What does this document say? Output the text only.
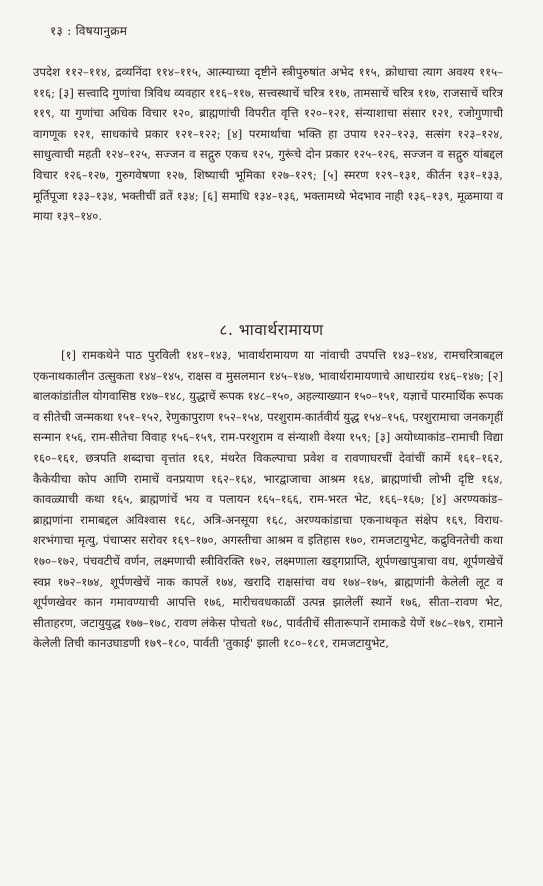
१३ : विषयानुक्रम

उपदेश ११२–११४, द्रव्यनिंदा ११४–११५, आत्म्याच्या दृष्टीने स्त्रीपुरुषांत अभेद ११५, क्रोधाचा त्याग अवश्य ११५–११६; [३] सत्त्वादि गुणांचा त्रिविध व्यवहार ११६–११७, सत्त्वस्थाचें चरित्र ११७, तामसाचें चरित्र ११७, राजसाचें चरित्र ११९, या गुणांचा अधिक विचार १२०, ब्राह्मणांची विपरीत वृत्ति १२०–१२१, संन्याशाचा संसार १२१, रजोगुणाची वागणूक १२१, साधकांचे प्रकार १२१–१२२; [४] परमार्थाचा भक्ति हा उपाय १२२–१२३, सत्संग १२३–१२४, साधुत्वाची महती १२४–१२५, सज्जन व सद्गुरु एकच १२५, गुरूंचे दोन प्रकार १२५–१२६, सज्जन व सद्गुरु यांबद्दल विचार १२६–१२७, गुरुगवेषणा १२७, शिष्याची भूमिका १२७–१२९; [५] स्मरण १२९–१३१, कीर्तन १३१–१३३, मूर्तिपूजा १३३–१३४, भक्तीचीं व्रतें १३४; [६] समाधि १३४–१३६, भक्तामध्ये भेदभाव नाही १३६–१३९, मूळमाया व माया १३९–१४०.

८. भावार्थरामायण

[१] रामकथेने पाठ पुरविली १४१–१४३, भावार्थरामायण या नांवाची उपपत्ति १४३–१४४, रामचरित्राबद्दल एकनाथकालीन उत्सुकता १४४–१४५, राक्षस व मुसलमान १४५–१४७, भावार्थरामायणाचे आधारग्रंथ १४६–१४७; [२] बालकांडांतील योगवासिष्ठ १४७–१४८, युद्धाचें रूपक १४८–१५०, अहल्याख्यान १५०–१५१, यज्ञाचें पारमार्थिक रूपक व सीतेची जन्मकथा १५१–१५२, रेणुकापुराण १५२–१५४, परशुराम-कार्तवीर्य युद्ध १५४–१५६, परशुरामाचा जनकगृहीं सन्मान १५६, राम-सीतेचा विवाह १५६–१५९, राम-परशुराम व संन्याशी वेश्या १५९; [३] अयोध्याकांड–रामाची विद्या १६०–१६१, छत्रपति शब्दाचा वृत्तांत १६१, मंथरेत विकल्पाचा प्रवेश व रावणाघरचीं देवांचीं कामें १६१–१६२, कैकेयीचा कोप आणि रामाचें वनप्रयाण १६२–१६४, भारद्वाजाचा आश्रम १६४, ब्राह्मणांची लोभी दृष्टि १६४, कावळ्याची कथा १६५, ब्राह्मणांचें भय व पलायन १६५–१६६, राम-भरत भेट, १६६–१६७; [४] अरण्यकांड–ब्राह्मणांना रामाबद्दल अविश्वास १६८, अत्रि-अनसूया १६८, अरण्यकांडाचा एकनाथकृत संक्षेप १६९, विराध-शरभंगाचा मृत्यु, पंचाप्सर सरोवर १६९–१७०, अगस्तीचा आश्रम व इतिहास १७०, रामजटायुभेट, कद्रुविनतेची कथा १७०–१७२, पंचवटीचें वर्णन, लक्ष्मणाची स्त्रीविरक्ति १७२, लक्ष्मणाला खड्गप्राप्ति, शूर्पणखापुत्राचा वध, शूर्पणखेचें स्वप्न १७२–१७४, शूर्पणखेचें नाक कापलें १७४, खरादि राक्षसांचा वध १७४–१७५, ब्राह्मणांनी केलेली लूट व शूर्पणखेवर कान गमावण्याची आपत्ति १७६, मारीचवधकाळीं उत्पन्न झालेलीं स्थानें १७६, सीता–रावण भेट, सीताहरण, जटायुयुद्ध १७७–१७८, रावण लंकेस पोचतो १७८, पार्वतीचें सीतारूपानें रामाकडे येणें १७८–१७९, रामाने केलेली तिची कानउघाडणी १७९–१८०, पार्वती 'तुकाई' झाली १८०–१८१, रामजटायुभेट,
